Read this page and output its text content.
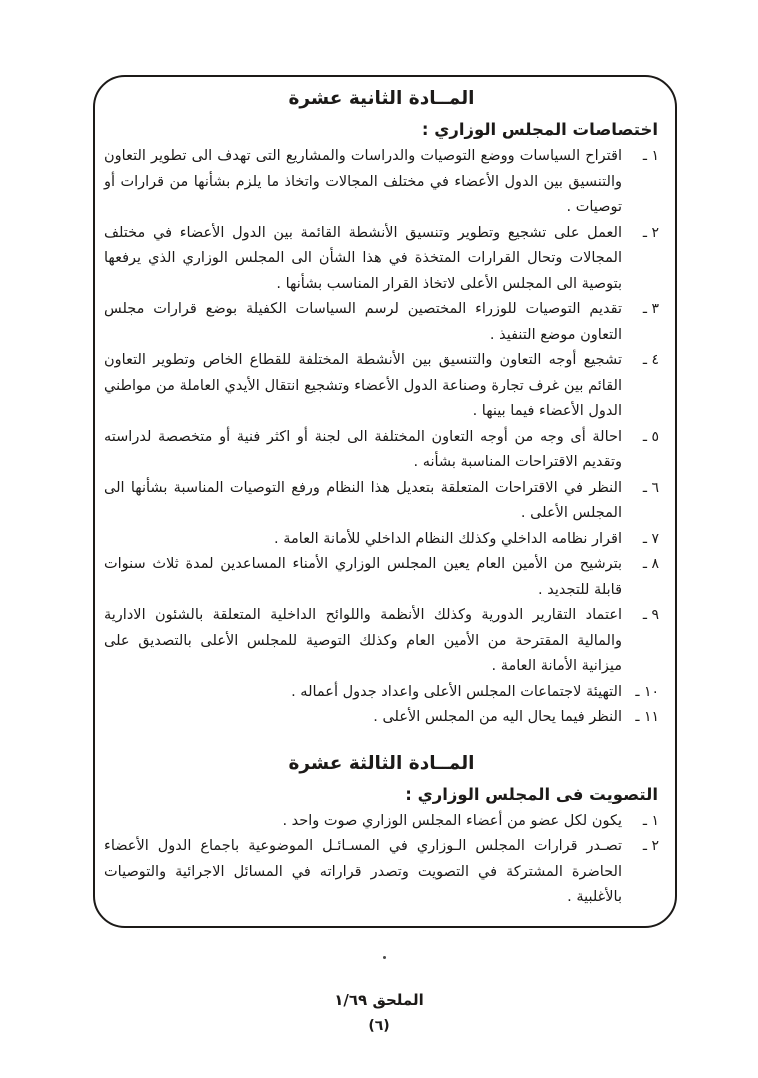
المــادة الثانية عشرة
اختصاصات المجلس الوزاري :
١ ـ
اقتراح السياسات ووضع التوصيات والدراسات والمشاريع التى تهدف الى تطوير التعاون والتنسيق بين الدول الأعضاء في مختلف المجالات واتخاذ ما يلزم بشأنها من قرارات أو توصيات .
٢ ـ
العمل على تشجيع وتطوير وتنسيق الأنشطة القائمة بين الدول الأعضاء في مختلف المجالات وتحال القرارات المتخذة في هذا الشأن الى المجلس الوزاري الذي يرفعها بتوصية الى المجلس الأعلى لاتخاذ القرار المناسب بشأنها .
٣ ـ
تقديم التوصيات للوزراء المختصين لرسم السياسات الكفيلة بوضع قرارات مجلس التعاون موضع التنفيذ .
٤ ـ
تشجيع أوجه التعاون والتنسيق بين الأنشطة المختلفة للقطاع الخاص وتطوير التعاون القائم بين غرف تجارة وصناعة الدول الأعضاء وتشجيع انتقال الأيدي العاملة من مواطني الدول الأعضاء فيما بينها .
٥ ـ
احالة أى وجه من أوجه التعاون المختلفة الى لجنة أو اكثر فنية أو متخصصة لدراسته وتقديم الاقتراحات المناسبة بشأنه .
٦ ـ
النظر في الاقتراحات المتعلقة بتعديل هذا النظام ورفع التوصيات المناسبة بشأنها الى المجلس الأعلى .
٧ ـ
اقرار نظامه الداخلي وكذلك النظام الداخلي للأمانة العامة .
٨ ـ
بترشيح من الأمين العام يعين المجلس الوزاري الأمناء المساعدين لمدة ثلاث سنوات قابلة للتجديد .
٩ ـ
اعتماد التقارير الدورية وكذلك الأنظمة واللوائح الداخلية المتعلقة بالشئون الادارية والمالية المقترحة من الأمين العام وكذلك التوصية للمجلس الأعلى بالتصديق على ميزانية الأمانة العامة .
١٠ ـ
التهيئة لاجتماعات المجلس الأعلى واعداد جدول أعماله .
١١ ـ
النظر فيما يحال اليه من المجلس الأعلى .
المــادة الثالثة عشرة
التصويت فى المجلس الوزاري :
١ ـ
يكون لكل عضو من أعضاء المجلس الوزاري صوت واحد .
٢ ـ
تصـدر قرارات المجلس الـوزاري في المسـائـل الموضوعية باجماع الدول الأعضاء الحاضرة المشتركة في التصويت وتصدر قراراته في المسائل الاجرائية والتوصيات بالأغلبية .
الملحق ١/٦٩
(٦)
